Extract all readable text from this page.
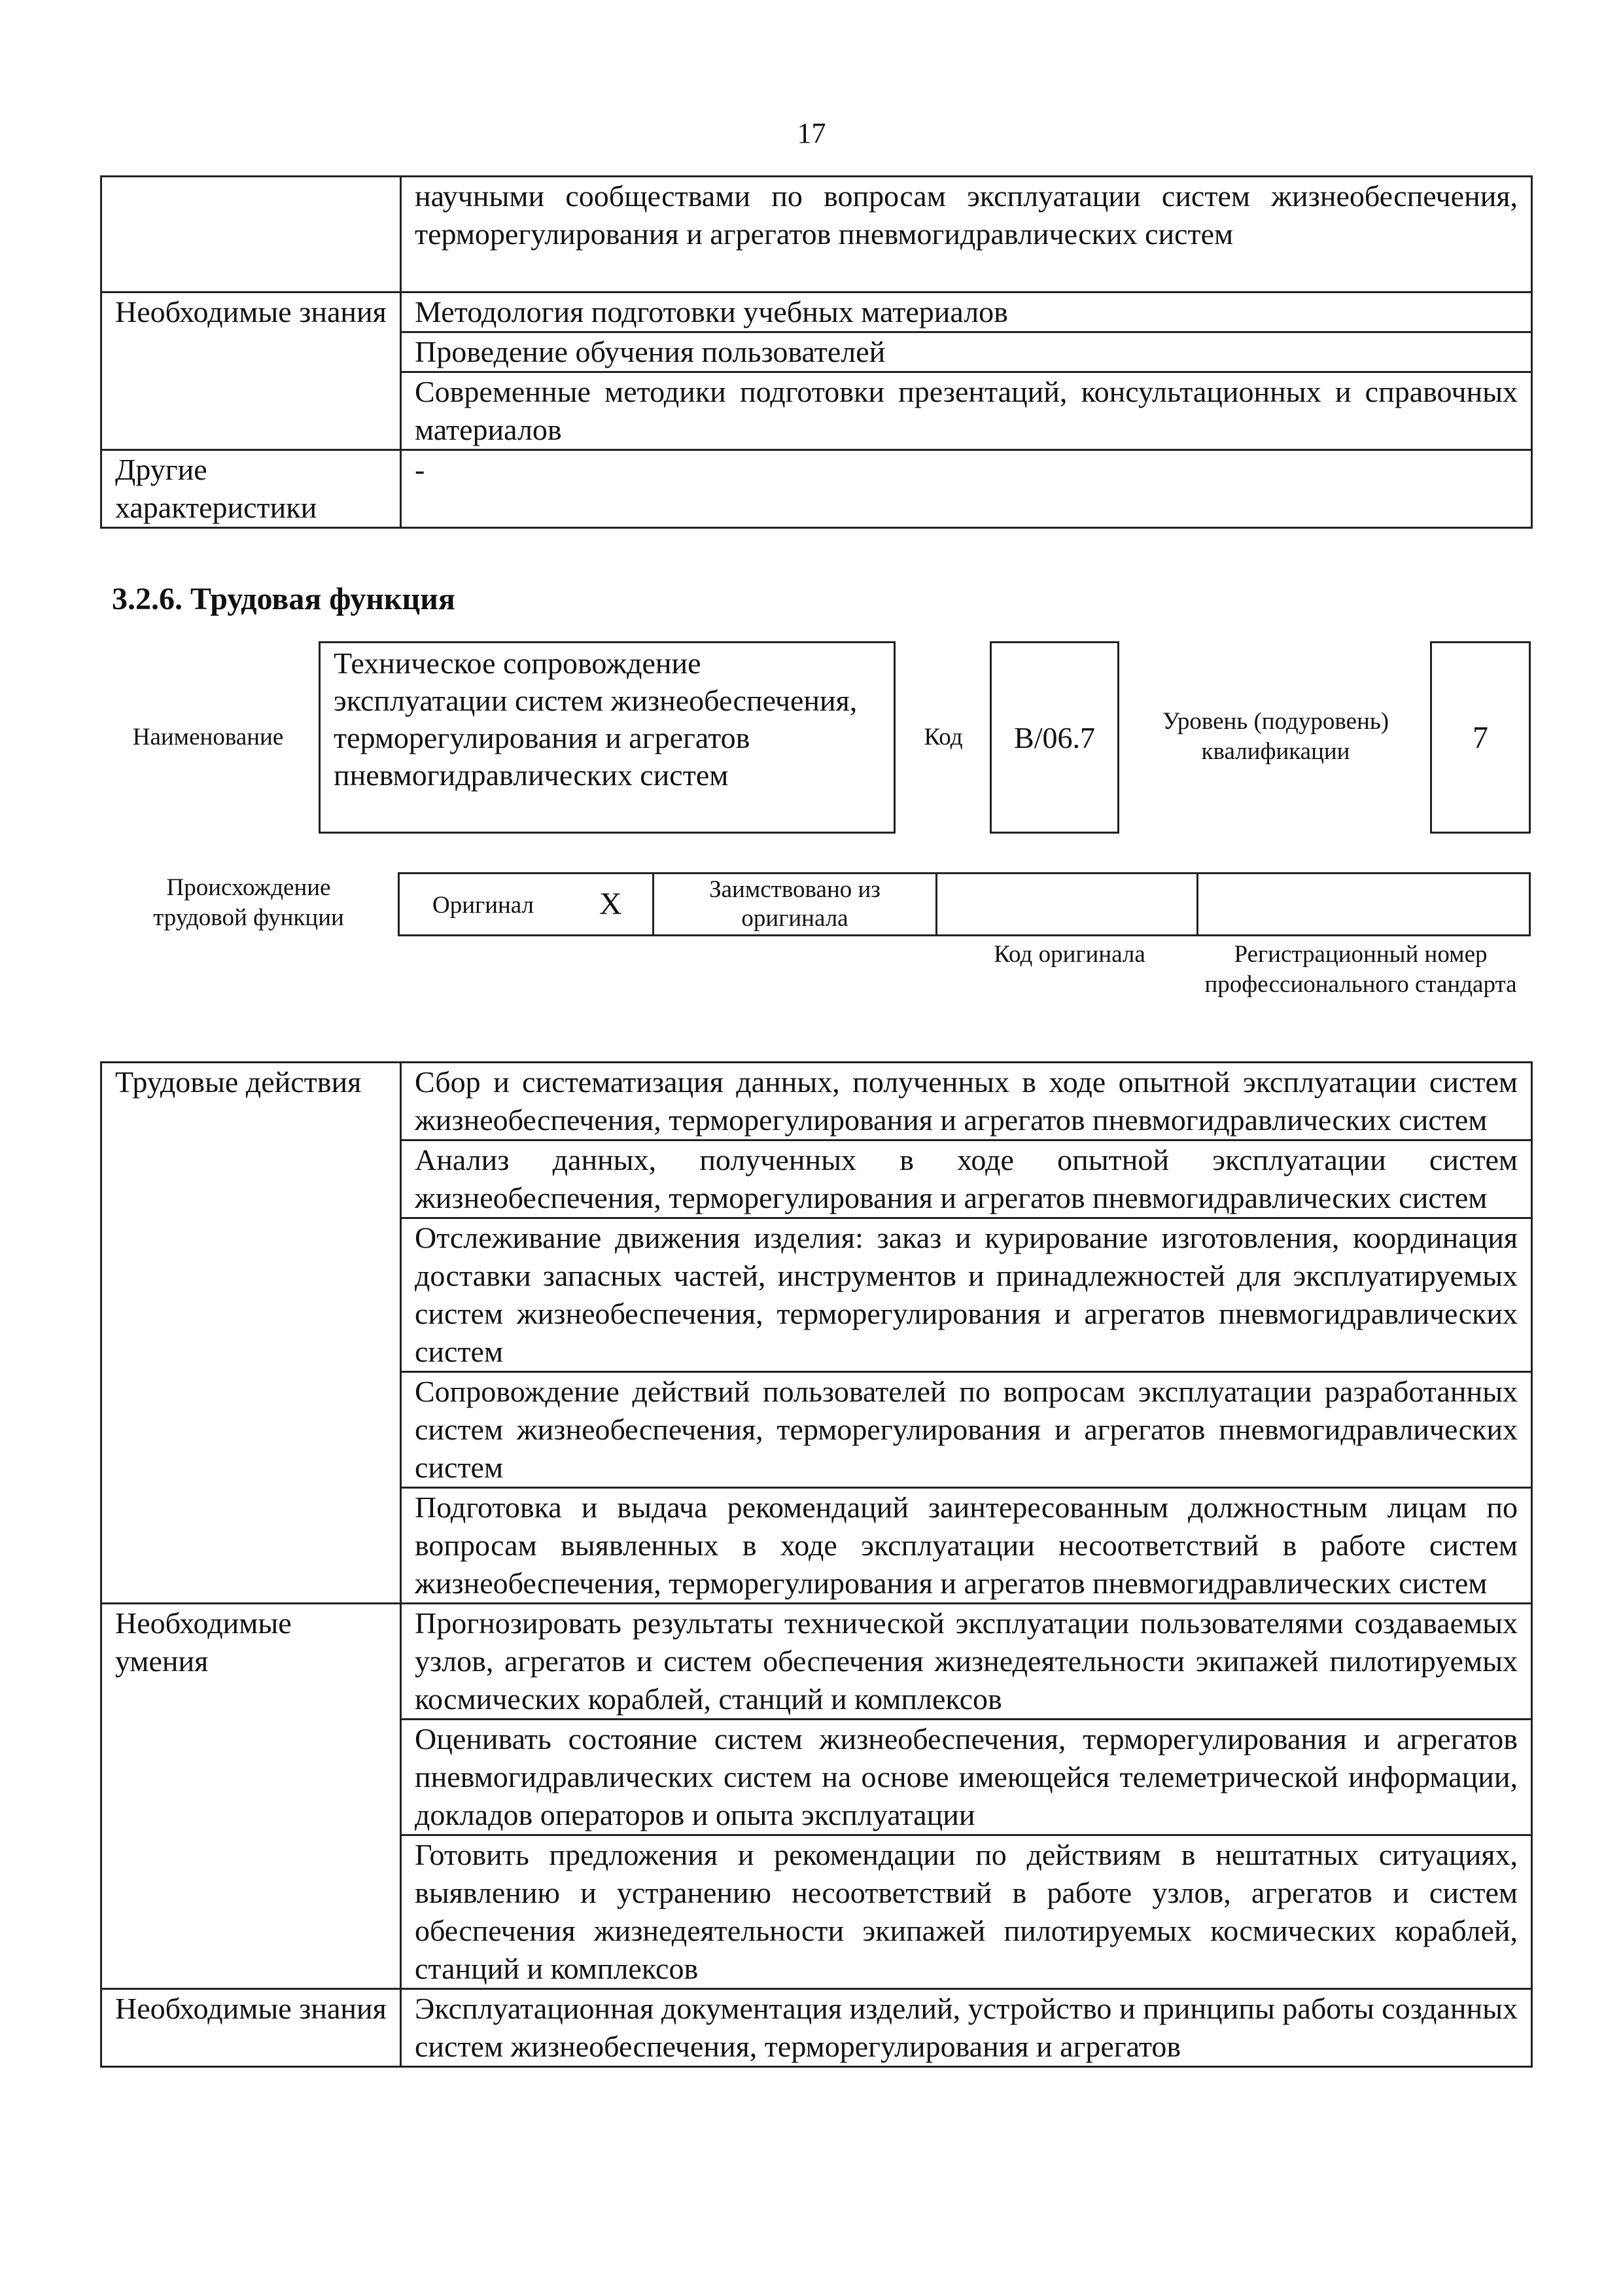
17
	научными сообществами по вопросам эксплуатации систем жизнеобеспечения, терморегулирования и агрегатов пневмогидравлических систем
Необходимые знания	Методология подготовки учебных материалов
	Проведение обучения пользователей
	Современные методики подготовки презентаций, консультационных и справочных материалов
Другие характеристики	-
3.2.6. Трудовая функция
Наименование
Техническое сопровождение эксплуатации систем жизнеобеспечения, терморегулирования и агрегатов пневмогидравлических систем
Код	B/06.7	Уровень (подуровень) квалификации	7
Происхождение трудовой функции	Оригинал X	Заимствовано из оригинала
Код оригинала	Регистрационный номер профессионального стандарта
Трудовые действия	Сбор и систематизация данных, полученных в ходе опытной эксплуатации систем жизнеобеспечения, терморегулирования и агрегатов пневмогидравлических систем
	Анализ данных, полученных в ходе опытной эксплуатации систем жизнеобеспечения, терморегулирования и агрегатов пневмогидравлических систем
	Отслеживание движения изделия: заказ и курирование изготовления, координация доставки запасных частей, инструментов и принадлежностей для эксплуатируемых систем жизнеобеспечения, терморегулирования и агрегатов пневмогидравлических систем
	Сопровождение действий пользователей по вопросам эксплуатации разработанных систем жизнеобеспечения, терморегулирования и агрегатов пневмогидравлических систем
	Подготовка и выдача рекомендаций заинтересованным должностным лицам по вопросам выявленных в ходе эксплуатации несоответствий в работе систем жизнеобеспечения, терморегулирования и агрегатов пневмогидравлических систем
Необходимые умения	Прогнозировать результаты технической эксплуатации пользователями создаваемых узлов, агрегатов и систем обеспечения жизнедеятельности экипажей пилотируемых космических кораблей, станций и комплексов
	Оценивать состояние систем жизнеобеспечения, терморегулирования и агрегатов пневмогидравлических систем на основе имеющейся телеметрической информации, докладов операторов и опыта эксплуатации
	Готовить предложения и рекомендации по действиям в нештатных ситуациях, выявлению и устранению несоответствий в работе узлов, агрегатов и систем обеспечения жизнедеятельности экипажей пилотируемых космических кораблей, станций и комплексов
Необходимые знания	Эксплуатационная документация изделий, устройство и принципы работы созданных систем жизнеобеспечения, терморегулирования и агрегатов
